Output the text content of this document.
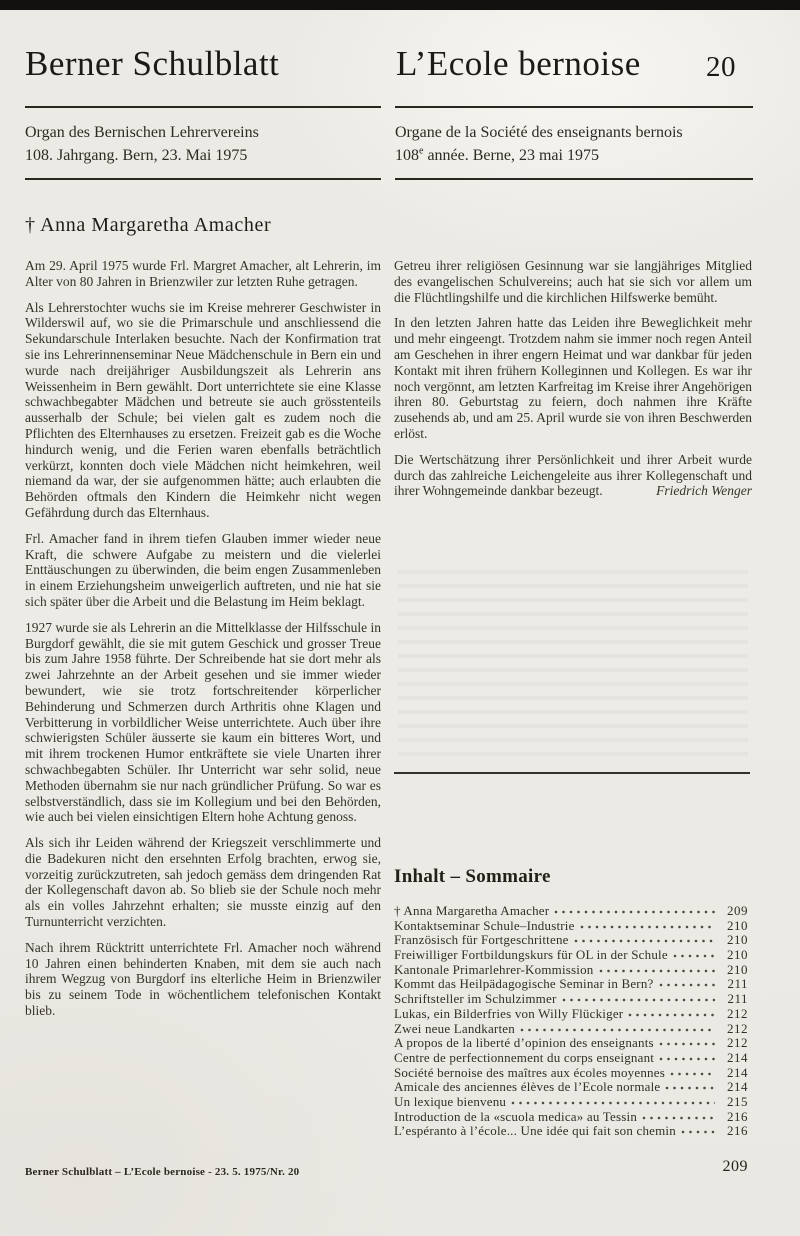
Berner Schulblatt	L’Ecole bernoise 20
Organ des Bernischen Lehrervereins
108. Jahrgang. Bern, 23. Mai 1975
Organe de la Société des enseignants bernois
108e année. Berne, 23 mai 1975
† Anna Margaretha Amacher

Am 29. April 1975 wurde Frl. Margret Amacher, alt Lehrerin, im Alter von 80 Jahren in Brienzwiler zur letzten Ruhe getragen.

Als Lehrerstochter wuchs sie im Kreise mehrerer Geschwister in Wilderswil auf, wo sie die Primarschule und anschliessend die Sekundarschule Interlaken besuchte. Nach der Konfirmation trat sie ins Lehrerinnenseminar Neue Mädchenschule in Bern ein und wurde nach dreijähriger Ausbildungszeit als Lehrerin ans Weissenheim in Bern gewählt. Dort unterrichtete sie eine Klasse schwachbegabter Mädchen und betreute sie auch grösstenteils ausserhalb der Schule; bei vielen galt es zudem noch die Pflichten des Elternhauses zu ersetzen. Freizeit gab es die Woche hindurch wenig, und die Ferien waren ebenfalls beträchtlich verkürzt, konnten doch viele Mädchen nicht heimkehren, weil niemand da war, der sie aufgenommen hätte; auch erlaubten die Behörden oftmals den Kindern die Heimkehr nicht wegen Gefährdung durch das Elternhaus.

Frl. Amacher fand in ihrem tiefen Glauben immer wieder neue Kraft, die schwere Aufgabe zu meistern und die vielerlei Enttäuschungen zu überwinden, die beim engen Zusammenleben in einem Erziehungsheim unweigerlich auftreten, und nie hat sie sich später über die Arbeit und die Belastung im Heim beklagt.

1927 wurde sie als Lehrerin an die Mittelklasse der Hilfsschule in Burgdorf gewählt, die sie mit gutem Geschick und grosser Treue bis zum Jahre 1958 führte. Der Schreibende hat sie dort mehr als zwei Jahrzehnte an der Arbeit gesehen und sie immer wieder bewundert, wie sie trotz fortschreitender körperlicher Behinderung und Schmerzen durch Arthritis ohne Klagen und Verbitterung in vorbildlicher Weise unterrichtete. Auch über ihre schwierigsten Schüler äusserte sie kaum ein bitteres Wort, und mit ihrem trockenen Humor entkräftete sie viele Unarten ihrer schwachbegabten Schüler. Ihr Unterricht war sehr solid, neue Methoden übernahm sie nur nach gründlicher Prüfung. So war es selbstverständlich, dass sie im Kollegium und bei den Behörden, wie auch bei vielen einsichtigen Eltern hohe Achtung genoss.

Als sich ihr Leiden während der Kriegszeit verschlimmerte und die Badekuren nicht den ersehnten Erfolg brachten, erwog sie, vorzeitig zurückzutreten, sah jedoch gemäss dem dringenden Rat der Kollegenschaft davon ab. So blieb sie der Schule noch mehr als ein volles Jahrzehnt erhalten; sie musste einzig auf den Turnunterricht verzichten.

Nach ihrem Rücktritt unterrichtete Frl. Amacher noch während 10 Jahren einen behinderten Knaben, mit dem sie auch nach ihrem Wegzug von Burgdorf ins elterliche Heim in Brienzwiler bis zu seinem Tode in wöchentlichem telefonischen Kontakt blieb.

Getreu ihrer religiösen Gesinnung war sie langjähriges Mitglied des evangelischen Schulvereins; auch hat sie sich vor allem um die Flüchtlingshilfe und die kirchlichen Hilfswerke bemüht.

In den letzten Jahren hatte das Leiden ihre Beweglichkeit mehr und mehr eingeengt. Trotzdem nahm sie immer noch regen Anteil am Geschehen in ihrer engern Heimat und war dankbar für jeden Kontakt mit ihren frühern Kolleginnen und Kollegen. Es war ihr noch vergönnt, am letzten Karfreitag im Kreise ihrer Angehörigen ihren 80. Geburtstag zu feiern, doch nahmen ihre Kräfte zusehends ab, und am 25. April wurde sie von ihren Beschwerden erlöst.

Die Wertschätzung ihrer Persönlichkeit und ihrer Arbeit wurde durch das zahlreiche Leichengeleite aus ihrer Kollegenschaft und ihrer Wohngemeinde dankbar bezeugt.	Friedrich Wenger

Inhalt – Sommaire
† Anna Margaretha Amacher	209
Kontaktseminar Schule–Industrie	210
Französisch für Fortgeschrittene	210
Freiwilliger Fortbildungskurs für OL in der Schule	210
Kantonale Primarlehrer-Kommission	210
Kommt das Heilpädagogische Seminar in Bern?	211
Schriftsteller im Schulzimmer	211
Lukas, ein Bilderfries von Willy Flückiger	212
Zwei neue Landkarten	212
A propos de la liberté d’opinion des enseignants	212
Centre de perfectionnement du corps enseignant	214
Société bernoise des maîtres aux écoles moyennes	214
Amicale des anciennes élèves de l’Ecole normale	214
Un lexique bienvenu	215
Introduction de la «scuola medica» au Tessin	216
L’espéranto à l’école... Une idée qui fait son chemin	216
Berner Schulblatt – L’Ecole bernoise - 23. 5. 1975/Nr. 20	209
